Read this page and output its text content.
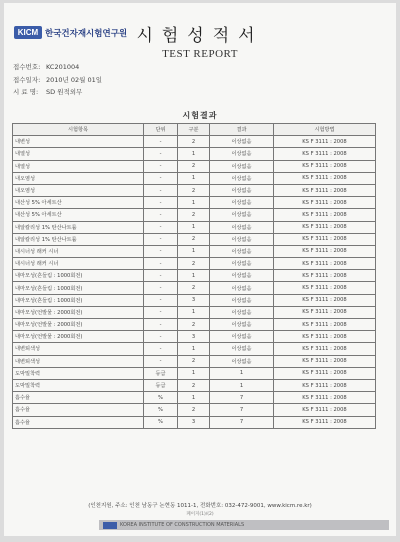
KICM 한국건자재시험연구원 시험성적서
TEST REPORT
접수번호: KC201004
접수일자: 2010년 02월 01일
시 료 명:	SD 원적외무
시험결과
시험항목	단위	구분	결과	시험방법
내변성	-	2	이상없음	KS F 3111 : 2008
내열성	-	1	이상없음	KS F 3111 : 2008
내열성	-	2	이상없음	KS F 3111 : 2008
내오염성	-	1	이상없음	KS F 3111 : 2008
내오염성	-	2	이상없음	KS F 3111 : 2008
내산성 5% 아세트산	-	1	이상없음	KS F 3111 : 2008
내산성 5% 아세트산	-	2	이상없음	KS F 3111 : 2008
내알칼리성 1% 탄산나트륨	-	1	이상없음	KS F 3111 : 2008
내알칼리성 1% 탄산나트륨	-	2	이상없음	KS F 3111 : 2008
내시너성 래커 시너	-	1	이상없음	KS F 3111 : 2008
내시너성 래커 시너	-	2	이상없음	KS F 3111 : 2008
내마모성(흔들림 : 1000회전)	-	1	이상없음	KS F 3111 : 2008
내마모성(흔들림 : 1000회전)	-	2	이상없음	KS F 3111 : 2008
내마모성(흔들림 : 1000회전)	-	3	이상없음	KS F 3111 : 2008
내마모성(언발물 : 2000회전)	-	1	이상없음	KS F 3111 : 2008
내마모성(언발물 : 2000회전)	-	2	이상없음	KS F 3111 : 2008
내마모성(언발물 : 2000회전)	-	3	이상없음	KS F 3111 : 2008
내변퇴색성	-	1	이상없음	KS F 3111 : 2008
내변퇴색성	-	2	이상없음	KS F 3111 : 2008
도막밀착력	등급	1	1	KS F 3111 : 2008
도막밀착력	등급	2	1	KS F 3111 : 2008
흡수율	%	1	7	KS F 3111 : 2008
흡수율	%	2	7	KS F 3111 : 2008
흡수율	%	3	7	KS F 3111 : 2008
(인천지원, 주소: 인천 남동구 논현동 1011-1, 전화번호: 032-472-9001, www.kicm.re.kr)
페이지(1)/(2)
KOREA INSTITUTE OF CONSTRUCTION MATERIALS
